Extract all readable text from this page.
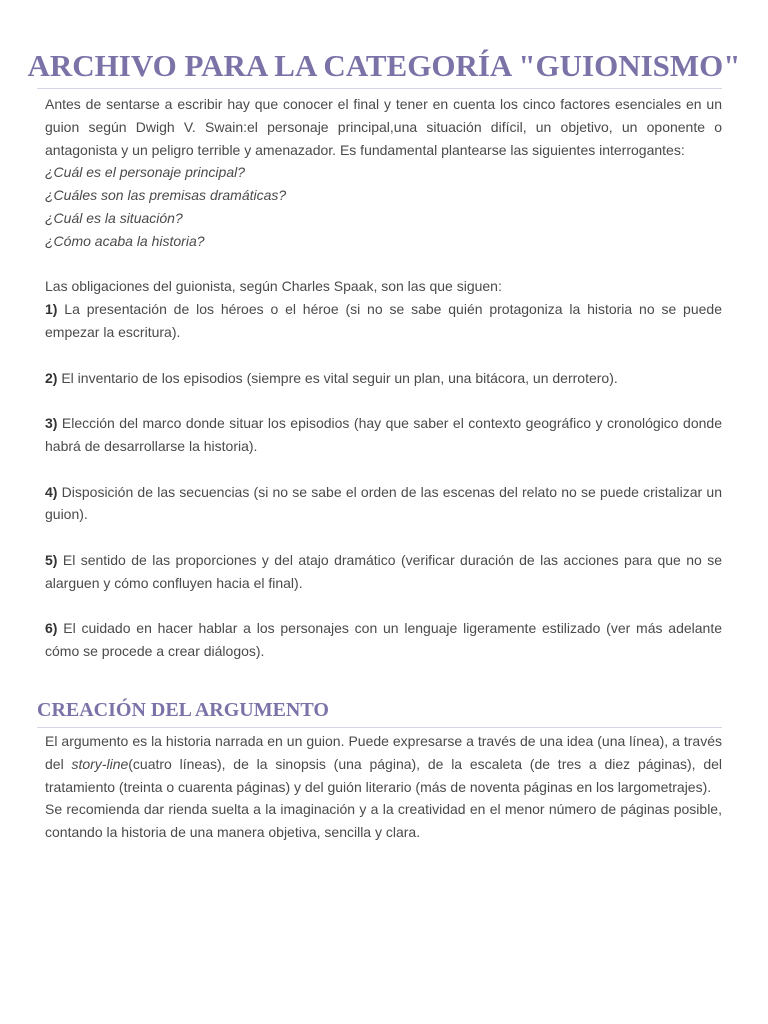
ARCHIVO PARA LA CATEGORÍA "GUIONISMO"

Antes de sentarse a escribir hay que conocer el final y tener en cuenta los cinco factores esenciales en un guion según Dwigh V. Swain:el personaje principal,una situación difícil, un objetivo, un oponente o antagonista y un peligro terrible y amenazador. Es fundamental plantearse las siguientes interrogantes:

¿Cuál es el personaje principal?

¿Cuáles son las premisas dramáticas?

¿Cuál es la situación?

¿Cómo acaba la historia?

Las obligaciones del guionista, según Charles Spaak, son las que siguen:

1) La presentación de los héroes o el héroe (si no se sabe quién protagoniza la historia no se puede empezar la escritura).

2) El inventario de los episodios (siempre es vital seguir un plan, una bitácora, un derrotero).

3) Elección del marco donde situar los episodios (hay que saber el contexto geográfico y cronológico donde habrá de desarrollarse la historia).

4) Disposición de las secuencias (si no se sabe el orden de las escenas del relato no se puede cristalizar un guion).

5) El sentido de las proporciones y del atajo dramático (verificar duración de las acciones para que no se alarguen y cómo confluyen hacia el final).

6) El cuidado en hacer hablar a los personajes con un lenguaje ligeramente estilizado (ver más adelante cómo se procede a crear diálogos).

CREACIÓN DEL ARGUMENTO

El argumento es la historia narrada en un guion. Puede expresarse a través de una idea (una línea), a través del story-line(cuatro líneas), de la sinopsis (una página), de la escaleta (de tres a diez páginas), del tratamiento (treinta o cuarenta páginas) y del guión literario (más de noventa páginas en los largometrajes).

Se recomienda dar rienda suelta a la imaginación y a la creatividad en el menor número de páginas posible, contando la historia de una manera objetiva, sencilla y clara.
